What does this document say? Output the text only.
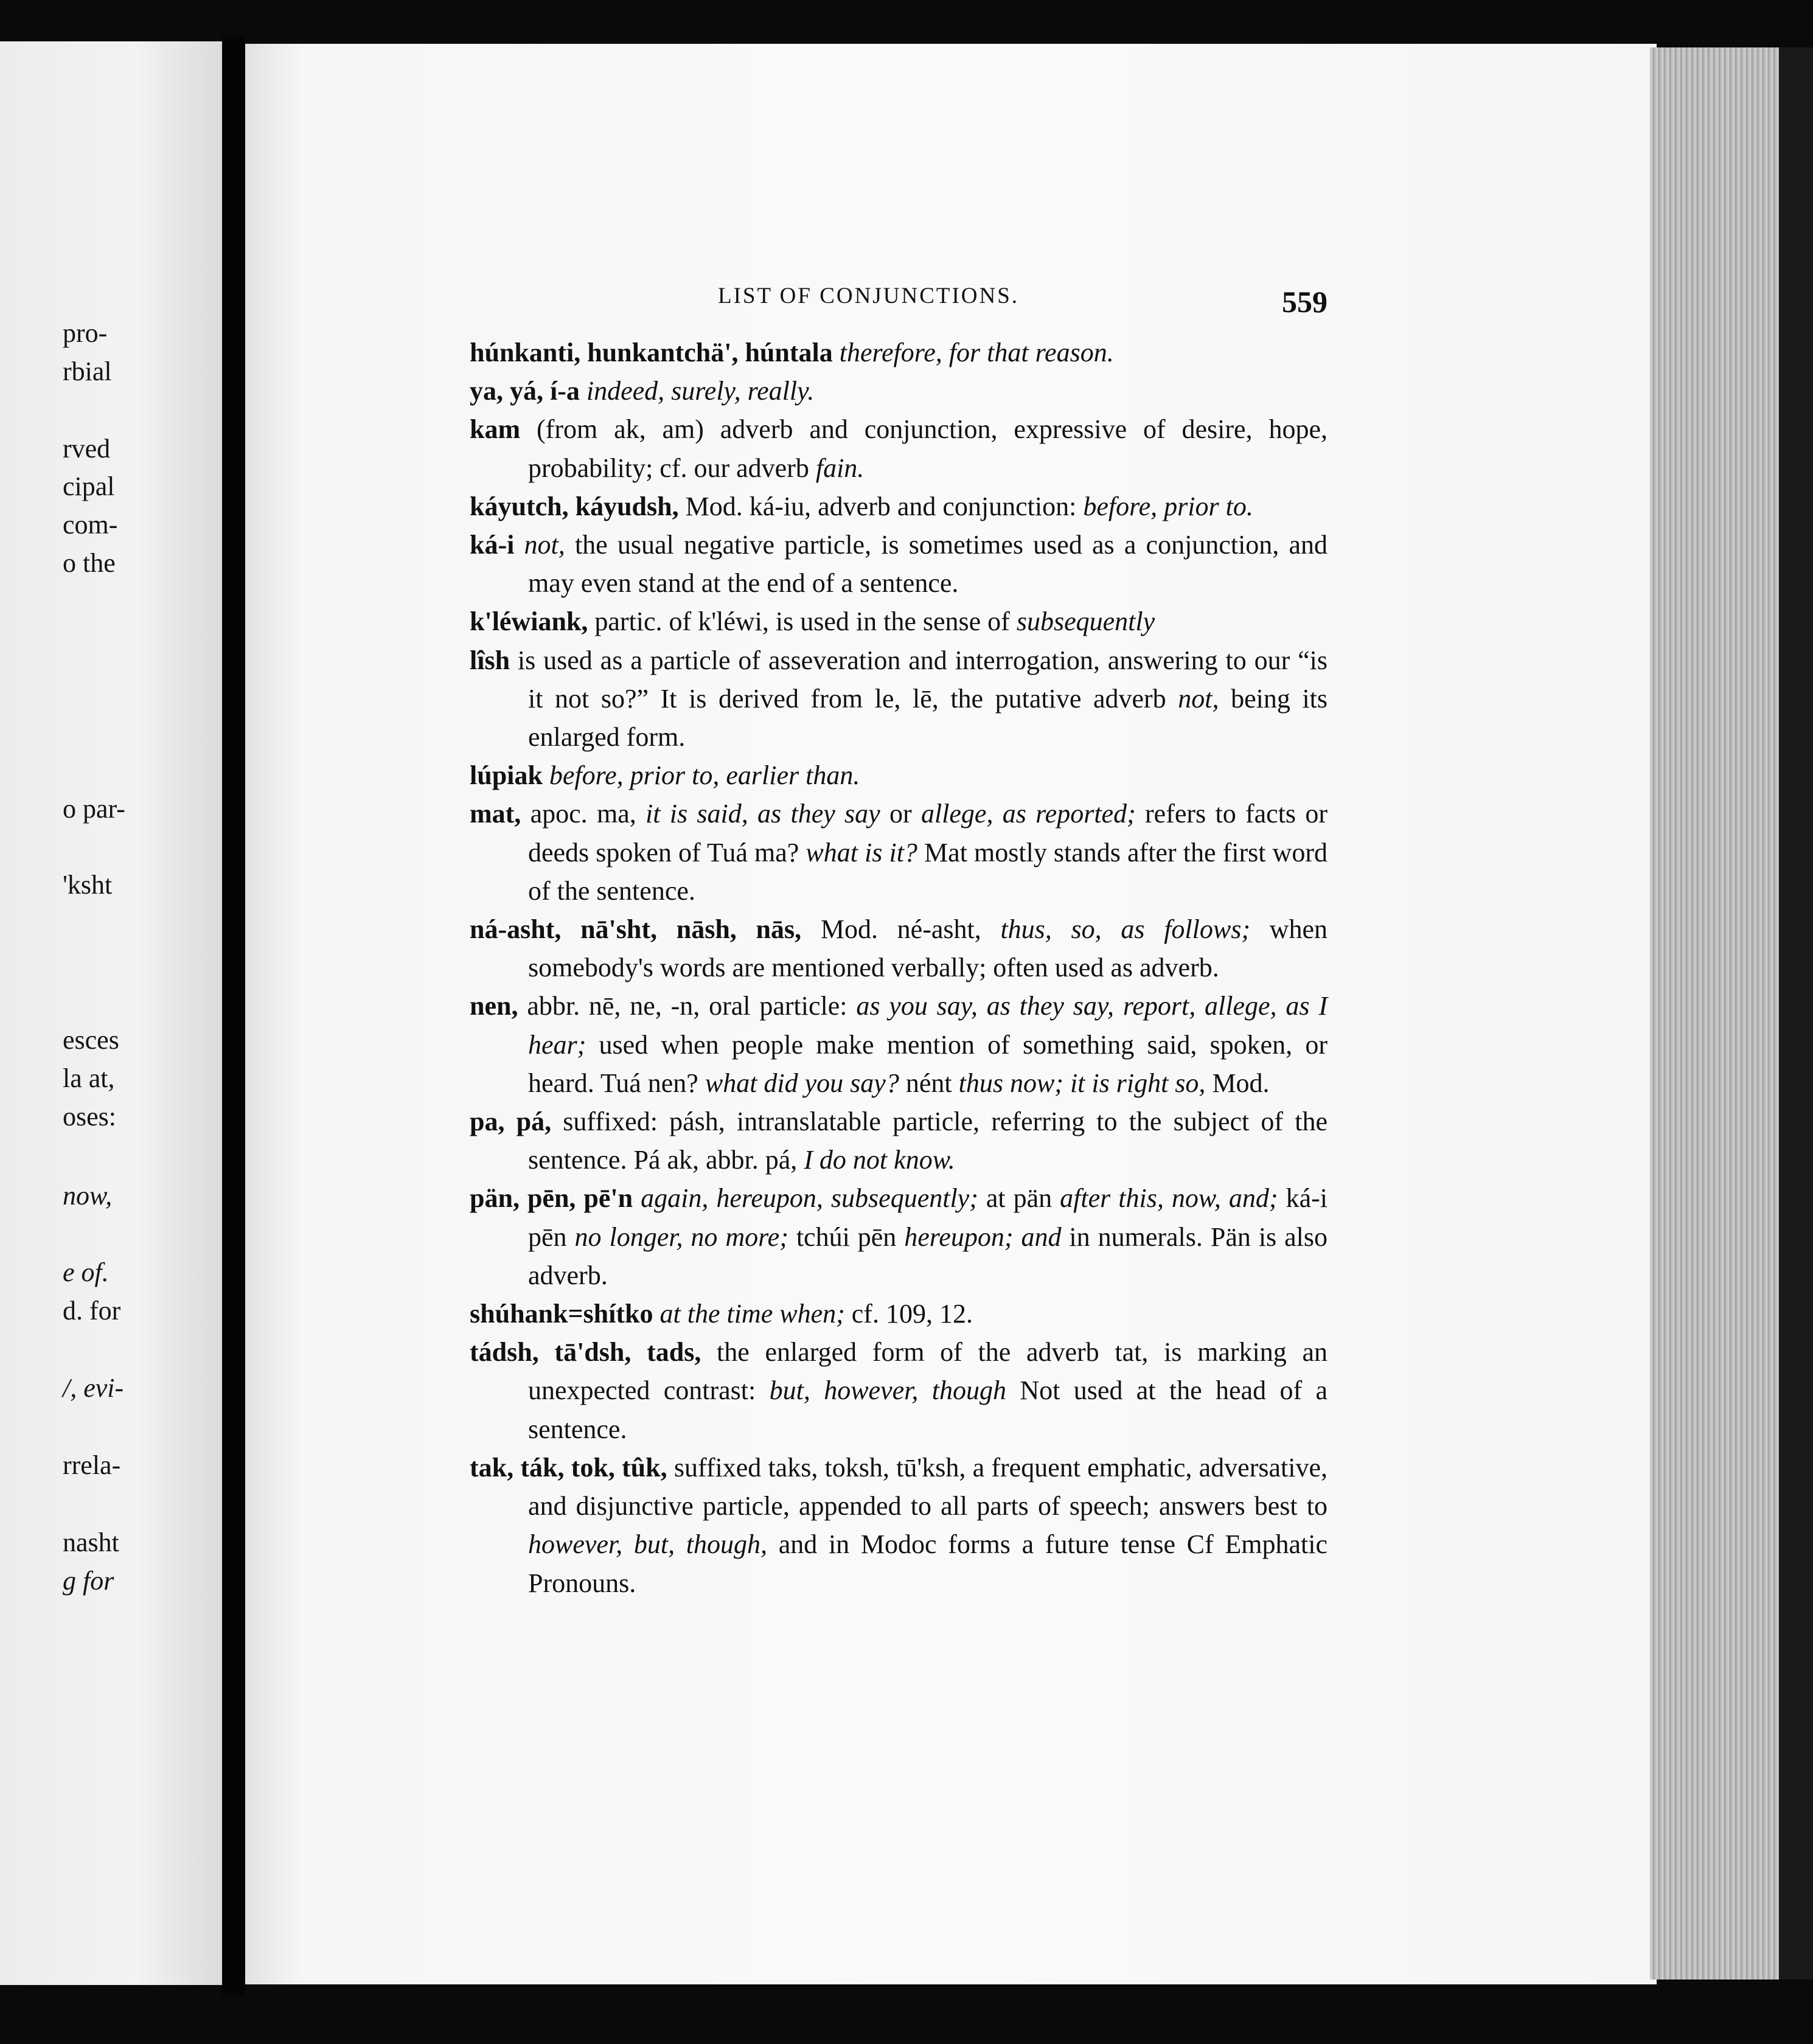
pro-
rbial
rved
cipal
com-
o the
o par-
'ksht
esces
la at,
oses:
now,
e of.
d. for
/, evi-
rrela-
nasht
g for
LIST OF CONJUNCTIONS.	559

húnkanti, hunkantchä', húntala therefore, for that reason.

ya, yá, í-a indeed, surely, really.

kam (from ak, am) adverb and conjunction, expressive of desire, hope, probability; cf. our adverb fain.

káyutch, káyudsh, Mod. ká-iu, adverb and conjunction: before, prior to.

ká-i not, the usual negative particle, is sometimes used as a conjunction, and may even stand at the end of a sentence.

k'léwiank, partic. of k'léwi, is used in the sense of subsequently

lîsh is used as a particle of asseveration and interrogation, answering to our “is it not so?” It is derived from le, lē, the putative adverb not, being its enlarged form.

lúpiak before, prior to, earlier than.

mat, apoc. ma, it is said, as they say or allege, as reported; refers to facts or deeds spoken of Tuá ma? what is it? Mat mostly stands after the first word of the sentence.

ná-asht, nā'sht, nāsh, nās, Mod. né-asht, thus, so, as follows; when somebody's words are mentioned verbally; often used as adverb.

nen, abbr. nē, ne, -n, oral particle: as you say, as they say, report, allege, as I hear; used when people make mention of something said, spoken, or heard. Tuá nen? what did you say? nént thus now; it is right so, Mod.

pa, pá, suffixed: pásh, intranslatable particle, referring to the subject of the sentence. Pá ak, abbr. pá, I do not know.

pän, pēn, pē'n again, hereupon, subsequently; at pän after this, now, and; ká-i pēn no longer, no more; tchúi pēn hereupon; and in numerals. Pän is also adverb.

shúhank=shítko at the time when; cf. 109, 12.

tádsh, tā'dsh, tads, the enlarged form of the adverb tat, is marking an unexpected contrast: but, however, though Not used at the head of a sentence.

tak, ták, tok, tûk, suffixed taks, toksh, tū'ksh, a frequent emphatic, adversative, and disjunctive particle, appended to all parts of speech; answers best to however, but, though, and in Modoc forms a future tense Cf Emphatic Pronouns.
